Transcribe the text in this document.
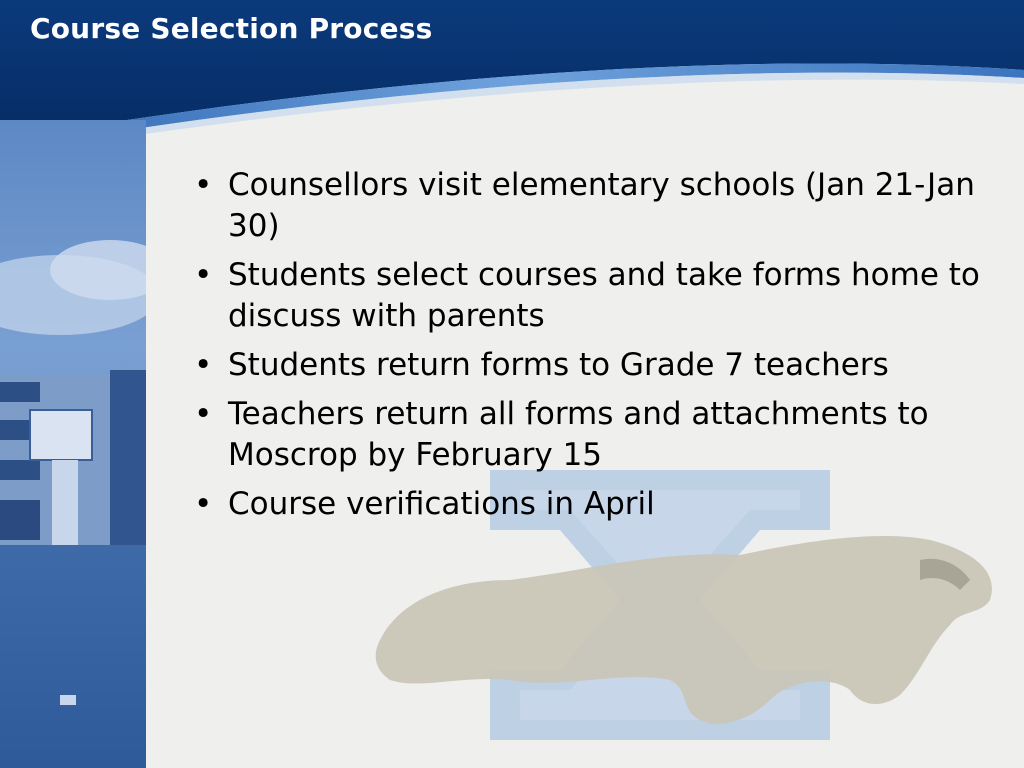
Course Selection Process
• Counsellors visit elementary schools (Jan 21-Jan 30)
• Students select courses and take forms home to discuss with parents
• Students return forms to Grade 7 teachers
• Teachers return all forms and attachments to Moscrop by February 15
• Course verifications in April
